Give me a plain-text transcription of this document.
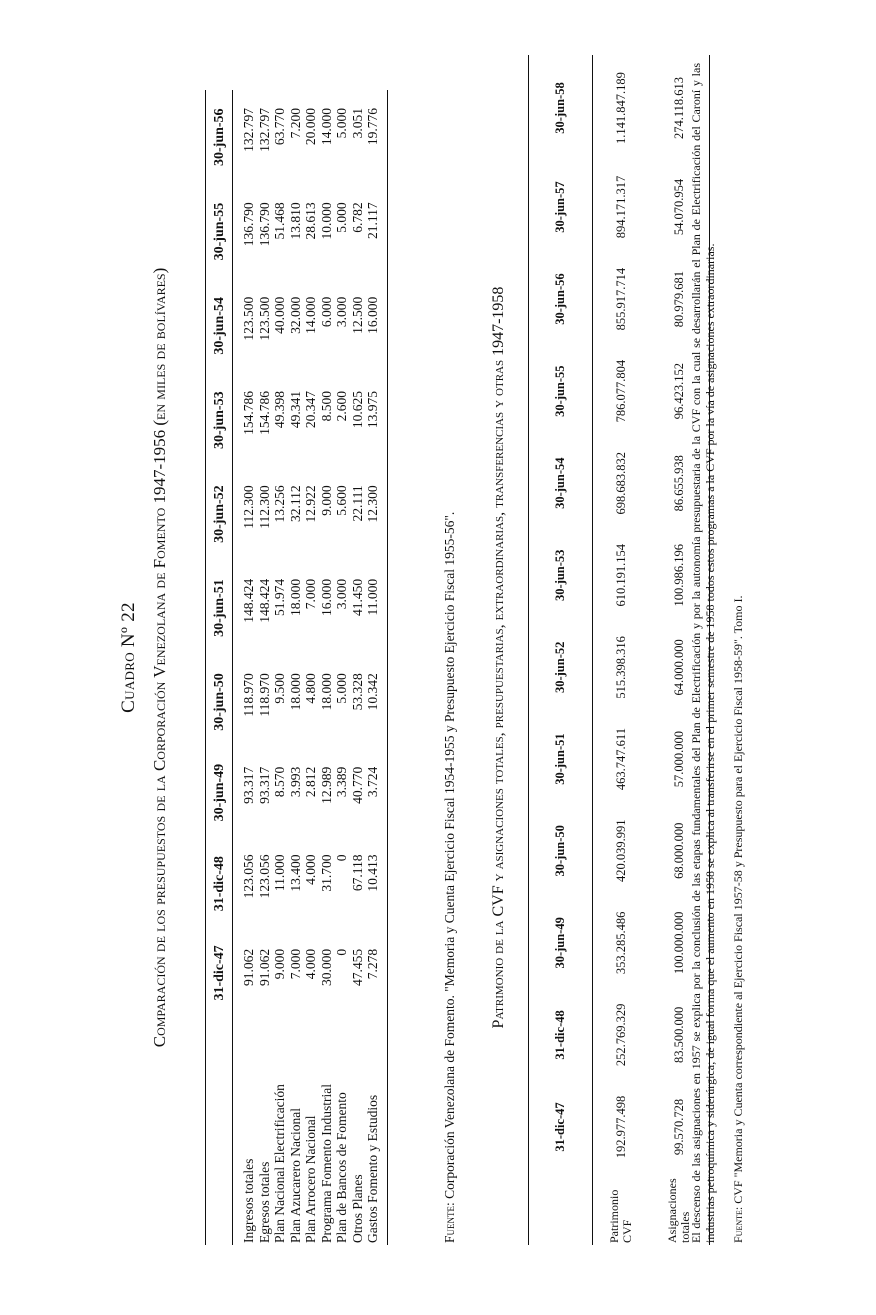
Cuadro Nº 22 Comparación de los presupuestos de la Corporación Venezolana de Fomento 1947-1956 (en miles de bolívares)
		31-dic-47	31-dic-48	30-jun-49	30-jun-50	30-jun-51	30-jun-52	30-jun-53	30-jun-54	30-jun-55	30-jun-56
Ingresos totales	91.062	123.056	93.317	118.970	148.424	112.300	154.786	123.500	136.790	132.797
Egresos totales	91.062	123.056	93.317	118.970	148.424	112.300	154.786	123.500	136.790	132.797
Plan Nacional Electrificación	9.000	11.000	8.570	9.500	51.974	13.256	49.398	40.000	51.468	63.770
Plan Azucarero Nacional	7.000	13.400	3.993	18.000	18.000	32.112	49.341	32.000	13.810	7.200
Plan Arrocero Nacional	4.000	4.000	2.812	4.800	7.000	12.922	20.347	14.000	28.613	20.000
Programa Fomento Industrial	30.000	31.700	12.989	18.000	16.000	9.000	8.500	6.000	10.000	14.000
Plan de Bancos de Fomento	0	0	3.389	5.000	3.000	5.600	2.600	3.000	5.000	5.000
Otros Planes	47.455	67.118	40.770	53.328	41.450	22.111	10.625	12.500	6.782	3.051
Gastos Fomento y Estudios	7.278	10.413	3.724	10.342	11.000	12.300	13.975	16.000	21.117	19.776
Fuente: Corporación Venezolana de Fomento. "Memoria y Cuenta Ejercicio Fiscal 1954-1955 y Presupuesto Ejercicio Fiscal 1955-56". Patrimonio de la CVF y asignaciones totales, presupuestarias, extraordinarias, transferencias y otras 1947-1958
	31-dic-47	31-dic-48	30-jun-49	30-jun-50	30-jun-51	30-jun-52	30-jun-53	30-jun-54	30-jun-55	30-jun-56	30-jun-57	30-jun-58

Patrimonio CVF	192.977.498	252.769.329	353.285.486	420.039.991	463.747.611	515.398.316	610.191.154	698.683.832	786.077.804	855.917.714	894.171.317	1.141.847.189

Asignaciones totales	99.570.728	83.500.000	100.000.000	68.000.000	57.000.000	64.000.000	100.986.196	86.655.938	96.423.152	80.979.681	54.070.954	274.118.613 El descenso de las asignaciones en 1957 se explica por la conclusión de las etapas fundamentales del Plan de Electrificación y por la autonomía presupuestaria de la CVF con la cual se desarrollarán el Plan de Electrificación del Caroní y las industrias petroquímica y siderúrgica; de igual forma que el aumento en 1958 se explica al transferirse en el primer semestre de 1958 todos estos programas a la CVF por la vía de asignaciones extraordinarias. Fuente: CVF "Memoria y Cuenta correspondiente al Ejercicio Fiscal 1957-58 y Presupuesto para el Ejercicio Fiscal 1958-59". Tomo I.
